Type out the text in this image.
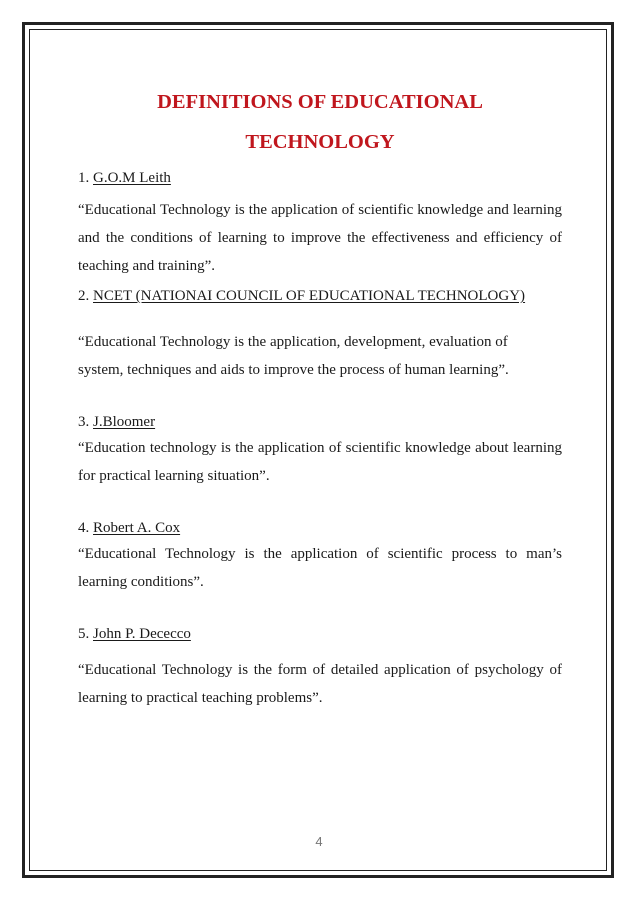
DEFINITIONS OF EDUCATIONAL
TECHNOLOGY

1. G.O.M Leith

“Educational Technology is the application of scientific knowledge and learning and the conditions of learning to improve the effectiveness and efficiency of teaching and training”.

2. NCET (NATIONAI COUNCIL OF EDUCATIONAL TECHNOLOGY)

“Educational Technology is the application, development, evaluation of
system, techniques and aids to improve the process of human learning”.

3. J.Bloomer

“Education technology is the application of scientific knowledge about learning for practical learning situation”.

4. Robert A. Cox

“Educational Technology is the application of scientific process to man’s learning conditions”.

5. John P. Dececco

“Educational Technology is the form of detailed application of psychology of learning to practical teaching problems”.

4
